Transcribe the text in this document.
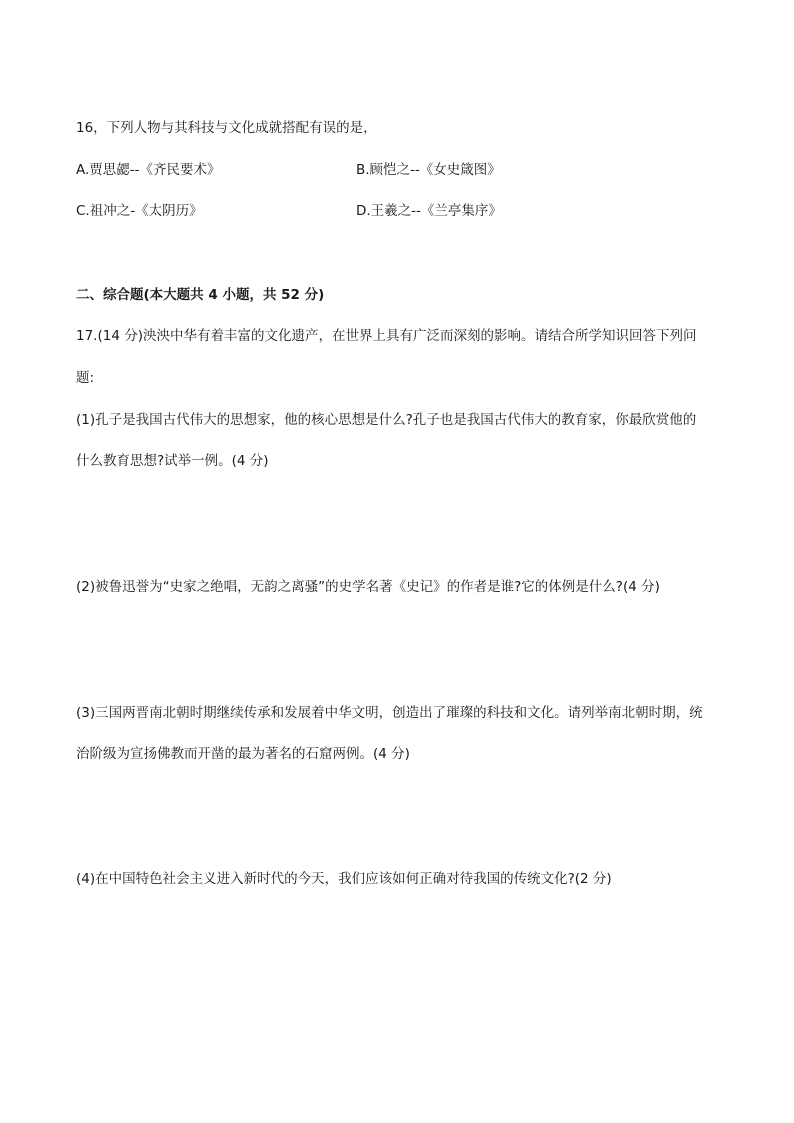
16，下列人物与其科技与文化成就搭配有误的是，
A.贾思勰--《齐民要术》	B.顾恺之--《女史箴图》
C.祖冲之-《太阴历》	D.王羲之--《兰亭集序》
二、综合题(本大题共 4 小题，共 52 分)
17.(14 分)泱泱中华有着丰富的文化遗产，在世界上具有广泛而深刻的影响。请结合所学知识回答下列问
题:
(1)孔子是我国古代伟大的思想家，他的核心思想是什么?孔子也是我国古代伟大的教育家，你最欣赏他的
什么教育思想?试举一例。(4 分)
(2)被鲁迅誉为“史家之绝唱，无韵之离骚”的史学名著《史记》的作者是谁?它的体例是什么?(4 分)
(3)三国两晋南北朝时期继续传承和发展着中华文明，创造出了璀璨的科技和文化。请列举南北朝时期，统
治阶级为宣扬佛教而开凿的最为著名的石窟两例。(4 分)
(4)在中国特色社会主义进入新时代的今天，我们应该如何正确对待我国的传统文化?(2 分)
